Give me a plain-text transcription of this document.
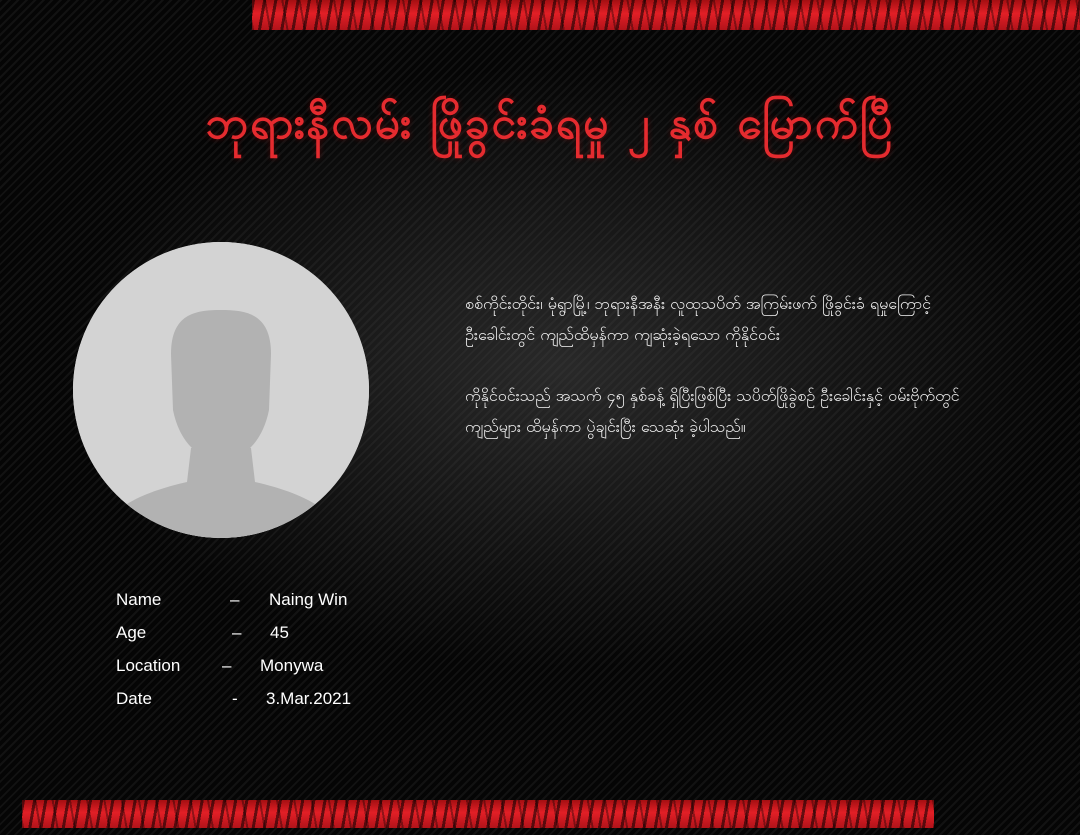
ဘုရားနီလမ်း ဖြိုခွင်းခံရမှု ၂ နှစ် မြောက်ပြီ

စစ်ကိုင်းတိုင်း၊ မုံရွာမြို့၊ ဘုရားနီအနီး လူထုသပိတ် အကြမ်းဖက် ဖြိုခွင်းခံ ရမှုကြောင့် ဦးခေါင်းတွင် ကျည်ထိမှန်ကာ ကျဆုံးခဲ့ရသော ကိုနိုင်ဝင်း

ကိုနိုင်ဝင်းသည် အသက် ၄၅ နှစ်ခန့် ရှိပြီးဖြစ်ပြီး သပိတ်ဖြိုခွဲစဉ် ဦးခေါင်းနှင့် ဝမ်းဗိုက်တွင် ကျည်များ ထိမှန်ကာ ပွဲချင်းပြီး သေဆုံး ခဲ့ပါသည်။

Name	– Naing Win
Age	– 45
Location – Monywa
Date	- 3.Mar.2021
